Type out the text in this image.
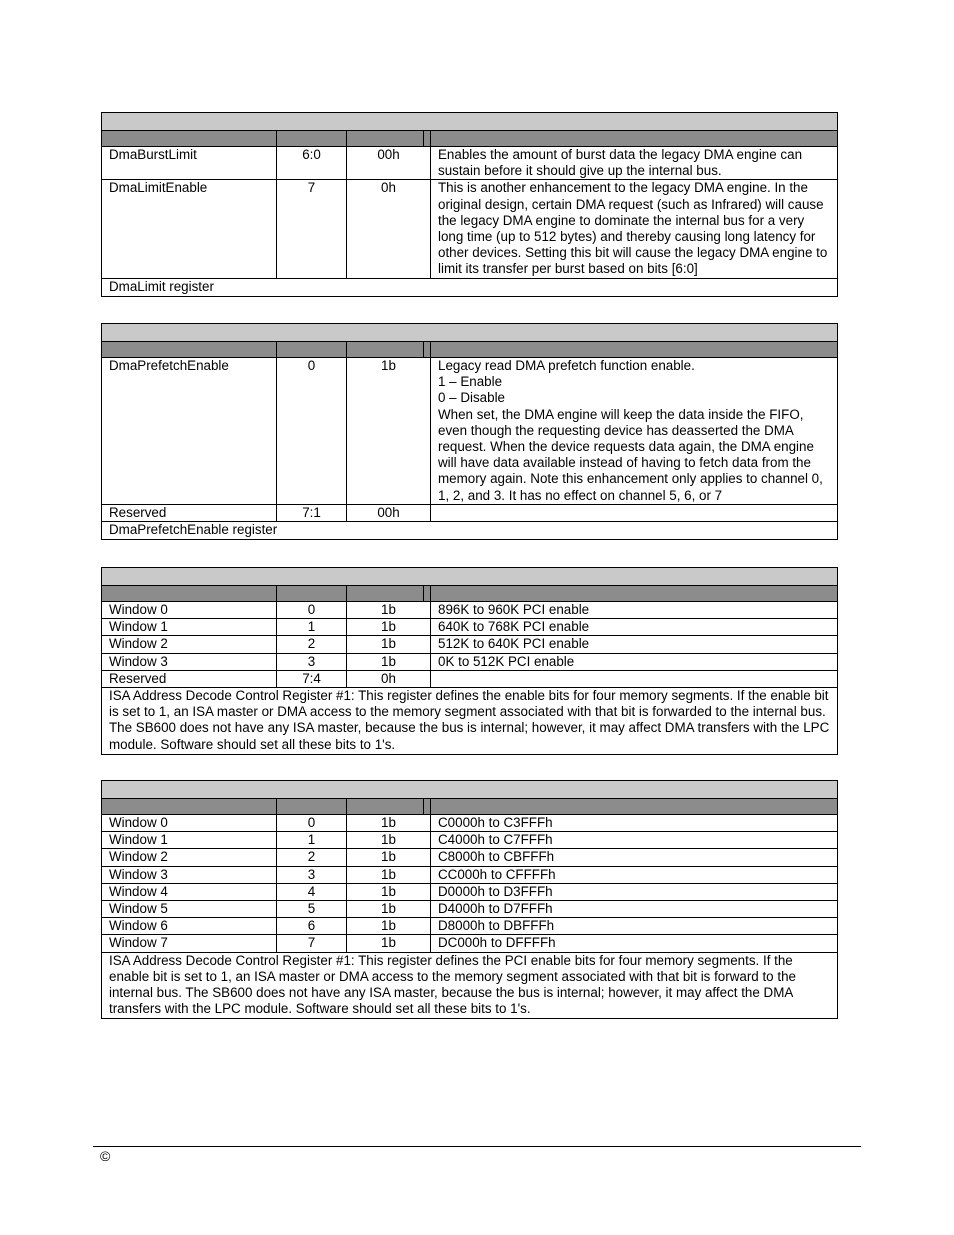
DmaBurstLimit	6:0	00h		Enables the amount of burst data the legacy DMA engine can sustain before it should give up the internal bus.
DmaLimitEnable	7	0h		This is another enhancement to the legacy DMA engine. In the original design, certain DMA request (such as Infrared) will cause the legacy DMA engine to dominate the internal bus for a very long time (up to 512 bytes) and thereby causing long latency for other devices. Setting this bit will cause the legacy DMA engine to limit its transfer per burst based on bits [6:0]
DmaLimit register				

DmaPrefetchEnable	0	1b		Legacy read DMA prefetch function enable.
1 – Enable
0 – Disable
When set, the DMA engine will keep the data inside the FIFO, even though the requesting device has deasserted the DMA request. When the device requests data again, the DMA engine will have data available instead of having to fetch data from the memory again. Note this enhancement only applies to channel 0, 1, 2, and 3. It has no effect on channel 5, 6, or 7
Reserved	7:1	00h		
DmaPrefetchEnable register				

Window 0	0	1b		896K to 960K PCI enable
Window 1	1	1b		640K to 768K PCI enable
Window 2	2	1b		512K to 640K PCI enable
Window 3	3	1b		0K to 512K PCI enable
Reserved	7:4	0h		
ISA Address Decode Control Register #1: This register defines the enable bits for four memory segments. If the enable bit is set to 1, an ISA master or DMA access to the memory segment associated with that bit is forwarded to the internal bus. The SB600 does not have any ISA master, because the bus is internal; however, it may affect DMA transfers with the LPC module. Software should set all these bits to 1's.				

Window 0	0	1b		C0000h to C3FFFh
Window 1	1	1b		C4000h to C7FFFh
Window 2	2	1b		C8000h to CBFFFh
Window 3	3	1b		CC000h to CFFFFh
Window 4	4	1b		D0000h to D3FFFh
Window 5	5	1b		D4000h to D7FFFh
Window 6	6	1b		D8000h to DBFFFh
Window 7	7	1b		DC000h to DFFFFh
ISA Address Decode Control Register #1: This register defines the PCI enable bits for four memory segments. If the enable bit is set to 1, an ISA master or DMA access to the memory segment associated with that bit is forward to the internal bus. The SB600 does not have any ISA master, because the bus is internal; however, it may affect the DMA transfers with the LPC module. Software should set all these bits to 1's.				
©
